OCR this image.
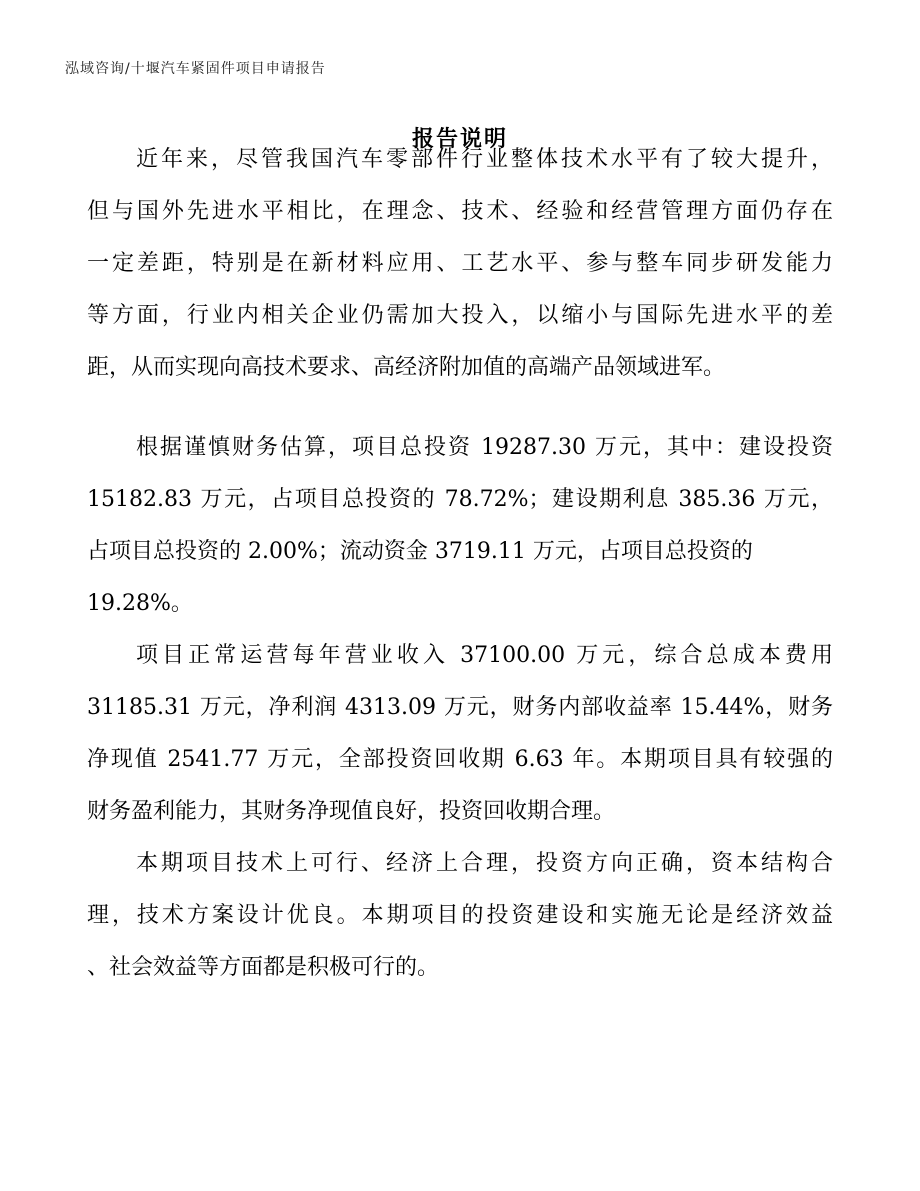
泓域咨询/十堰汽车紧固件项目申请报告
报告说明
近年来，尽管我国汽车零部件行业整体技术水平有了较大提升，
但与国外先进水平相比，在理念、技术、经验和经营管理方面仍存在
一定差距，特别是在新材料应用、工艺水平、参与整车同步研发能力
等方面，行业内相关企业仍需加大投入，以缩小与国际先进水平的差
距，从而实现向高技术要求、高经济附加值的高端产品领域进军。
根据谨慎财务估算，项目总投资 19287.30 万元，其中：建设投资
15182.83 万元，占项目总投资的 78.72%；建设期利息 385.36 万元，
占项目总投资的 2.00%；流动资金 3719.11 万元，占项目总投资的
19.28%。
项目正常运营每年营业收入 37100.00 万元，综合总成本费用
31185.31 万元，净利润 4313.09 万元，财务内部收益率 15.44%，财务
净现值 2541.77 万元，全部投资回收期 6.63 年。本期项目具有较强的
财务盈利能力，其财务净现值良好，投资回收期合理。
本期项目技术上可行、经济上合理，投资方向正确，资本结构合
理，技术方案设计优良。本期项目的投资建设和实施无论是经济效益
、社会效益等方面都是积极可行的。
